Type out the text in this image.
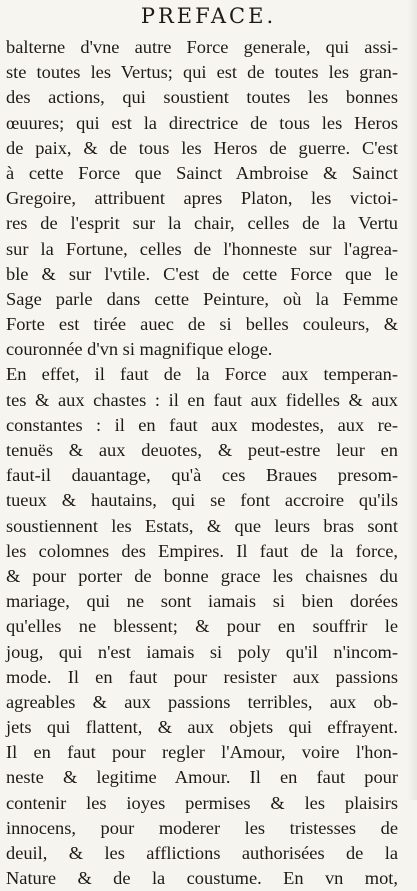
PREFACE.
balterne d'vne autre Force generale, qui assi-
ste toutes les Vertus; qui est de toutes les gran-
des actions, qui soustient toutes les bonnes
œuures; qui est la directrice de tous les Heros
de paix, & de tous les Heros de guerre. C'est
à cette Force que Sainct Ambroise & Sainct
Gregoire, attribuent apres Platon, les victoi-
res de l'esprit sur la chair, celles de la Vertu
sur la Fortune, celles de l'honneste sur l'agrea-
ble & sur l'vtile. C'est de cette Force que le
Sage parle dans cette Peinture, où la Femme
Forte est tirée auec de si belles couleurs, &
couronnée d'vn si magnifique eloge.
En effet, il faut de la Force aux temperan-
tes & aux chastes : il en faut aux fidelles & aux
constantes : il en faut aux modestes, aux re-
tenuës & aux deuotes, & peut-estre leur en
faut-il dauantage, qu'à ces Braues presom-
tueux & hautains, qui se font accroire qu'ils
soustiennent les Estats, & que leurs bras sont
les colomnes des Empires. Il faut de la force,
& pour porter de bonne grace les chaisnes du
mariage, qui ne sont iamais si bien dorées
qu'elles ne blessent; & pour en souffrir le
joug, qui n'est iamais si poly qu'il n'incom-
mode. Il en faut pour resister aux passions
agreables & aux passions terribles, aux ob-
jets qui flattent, & aux objets qui effrayent.
Il en faut pour regler l'Amour, voire l'hon-
neste & legitime Amour. Il en faut pour
contenir les ioyes permises & les plaisirs
innocens, pour moderer les tristesses de
deuil, & les afflictions authorisées de la
Nature & de la coustume. En vn mot,
